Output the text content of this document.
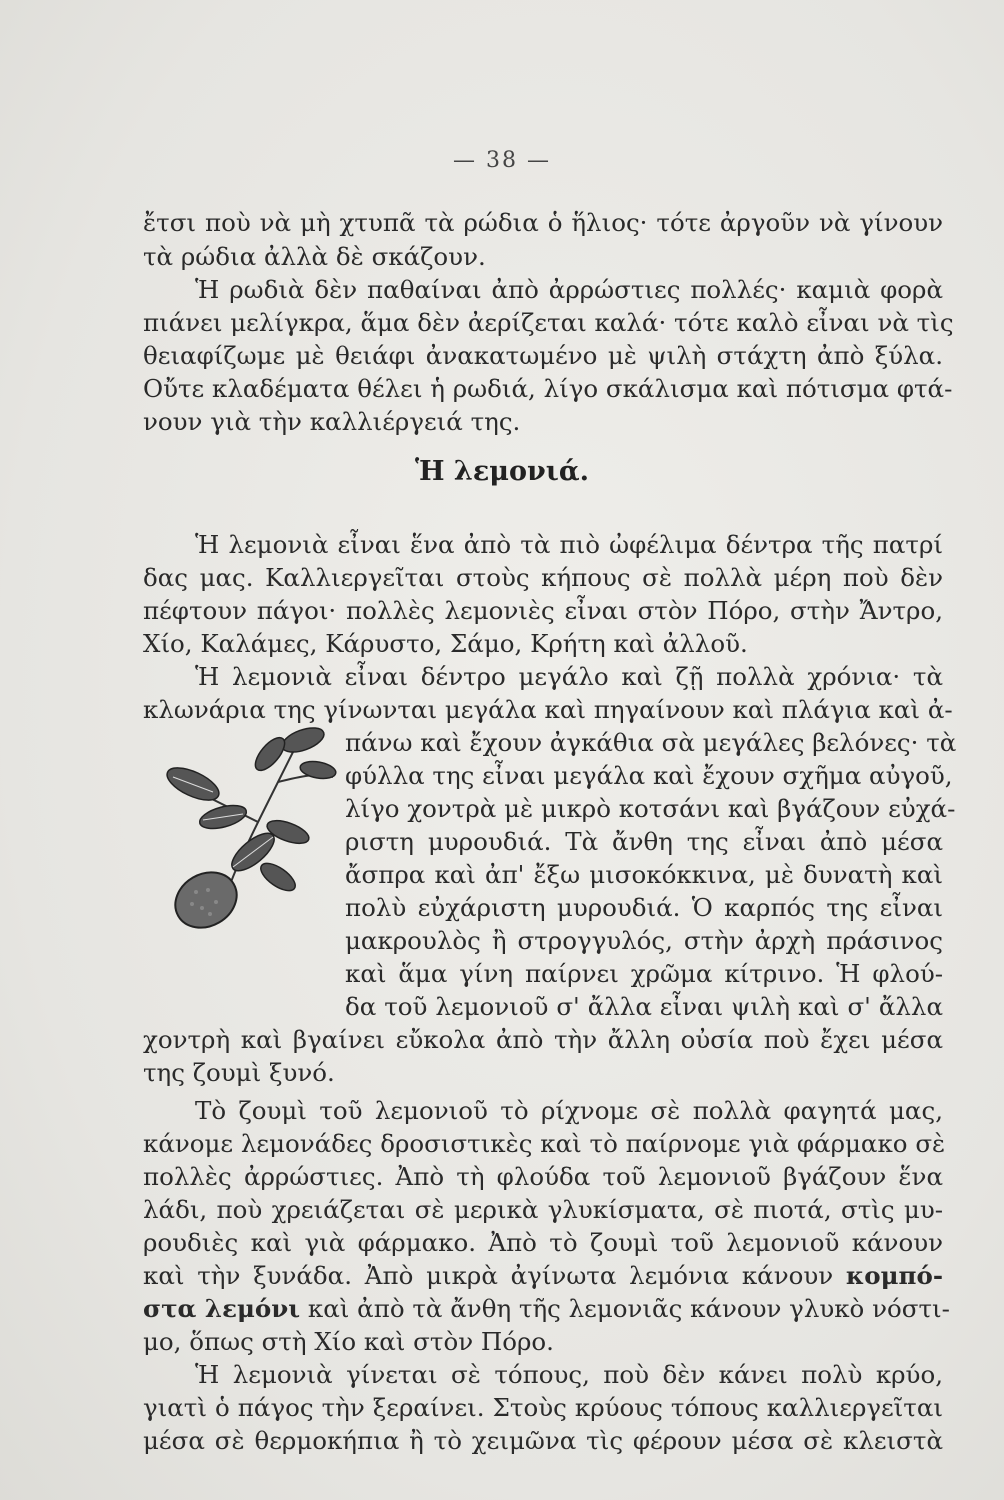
— 38 —
ἔτσι ποὺ νὰ μὴ χτυπᾶ τὰ ρώδια ὁ ἥλιος· τότε ἀργοῦν νὰ γίνουν
τὰ ρώδια ἀλλὰ δὲ σκάζουν.
Ἡ ρωδιὰ δὲν παθαίναι ἀπὸ ἀρρώστιες πολλές· καμιὰ φορὰ
πιάνει μελίγκρα, ἅμα δὲν ἀερίζεται καλά· τότε καλὸ εἶναι νὰ τὶς
θειαφίζωμε μὲ θειάφι ἀνακατωμένο μὲ ψιλὴ στάχτη ἀπὸ ξύλα.
Οὔτε κλαδέματα θέλει ἡ ρωδιά, λίγο σκάλισμα καὶ πότισμα φτά-
νουν γιὰ τὴν καλλιέργειά της.
Ἡ λεμονιά.
Ἡ λεμονιὰ εἶναι ἕνα ἀπὸ τὰ πιὸ ὠφέλιμα δέντρα τῆς πατρί
δας μας. Καλλιεργεῖται στοὺς κήπους σὲ πολλὰ μέρη ποὺ δὲν
πέφτουν πάγοι· πολλὲς λεμονιὲς εἶναι στὸν Πόρο, στὴν Ἄντρο,
Χίο, Καλάμες, Κάρυστο, Σάμο, Κρήτη καὶ ἀλλοῦ.
Ἡ λεμονιὰ εἶναι δέντρο μεγάλο καὶ ζῇ πολλὰ χρόνια· τὰ
κλωνάρια της γίνωνται μεγάλα καὶ πηγαίνουν καὶ πλάγια καὶ ἀ-
πάνω καὶ ἔχουν ἀγκάθια σὰ μεγάλες βελόνες· τὰ
φύλλα της εἶναι μεγάλα καὶ ἔχουν σχῆμα αὐγοῦ,
λίγο χοντρὰ μὲ μικρὸ κοτσάνι καὶ βγάζουν εὐχά-
ριστη μυρουδιά. Τὰ ἄνθη της εἶναι ἀπὸ μέσα
ἄσπρα καὶ ἀπ' ἔξω μισοκόκκινα, μὲ δυνατὴ καὶ
πολὺ εὐχάριστη μυρουδιά. Ὁ καρπός της εἶναι
μακρουλὸς ἢ στρογγυλός, στὴν ἀρχὴ πράσινος
καὶ ἅμα γίνη παίρνει χρῶμα κίτρινο. Ἡ φλού-
δα τοῦ λεμονιοῦ σ' ἄλλα εἶναι ψιλὴ καὶ σ' ἄλλα
χοντρὴ καὶ βγαίνει εὔκολα ἀπὸ τὴν ἄλλη οὐσία ποὺ ἔχει μέσα
της ζουμὶ ξυνό.
Τὸ ζουμὶ τοῦ λεμονιοῦ τὸ ρίχνομε σὲ πολλὰ φαγητά μας,
κάνομε λεμονάδες δροσιστικὲς καὶ τὸ παίρνομε γιὰ φάρμακο σὲ
πολλὲς ἀρρώστιες. Ἀπὸ τὴ φλούδα τοῦ λεμονιοῦ βγάζουν ἕνα
λάδι, ποὺ χρειάζεται σὲ μερικὰ γλυκίσματα, σὲ πιοτά, στὶς μυ-
ρουδιὲς καὶ γιὰ φάρμακο. Ἀπὸ τὸ ζουμὶ τοῦ λεμονιοῦ κάνουν
καὶ τὴν ξυνάδα. Ἀπὸ μικρὰ ἀγίνωτα λεμόνια κάνουν κομπό-
στα λεμόνι καὶ ἀπὸ τὰ ἄνθη τῆς λεμονιᾶς κάνουν γλυκὸ νόστι-
μο, ὅπως στὴ Χίο καὶ στὸν Πόρο.
Ἡ λεμονιὰ γίνεται σὲ τόπους, ποὺ δὲν κάνει πολὺ κρύο,
γιατὶ ὁ πάγος τὴν ξεραίνει. Στοὺς κρύους τόπους καλλιεργεῖται
μέσα σὲ θερμοκήπια ἢ τὸ χειμῶνα τὶς φέρουν μέσα σὲ κλειστὰ
